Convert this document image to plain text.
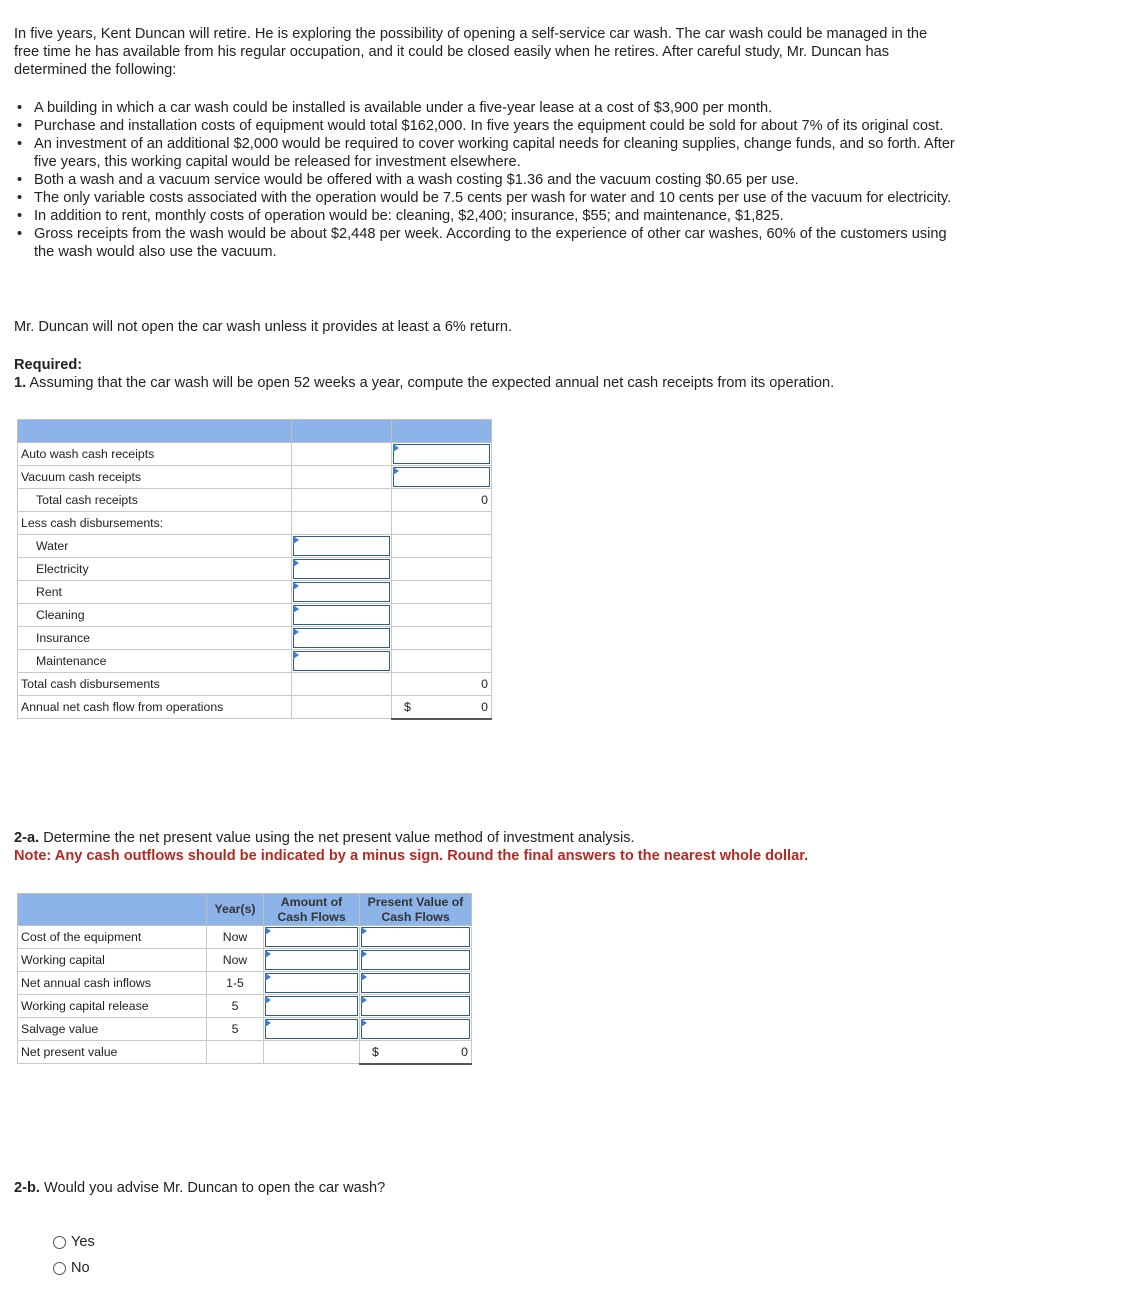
In five years, Kent Duncan will retire. He is exploring the possibility of opening a self-service car wash. The car wash could be managed in the free time he has available from his regular occupation, and it could be closed easily when he retires. After careful study, Mr. Duncan has determined the following:

• A building in which a car wash could be installed is available under a five-year lease at a cost of $3,900 per month.
• Purchase and installation costs of equipment would total $162,000. In five years the equipment could be sold for about 7% of its original cost.
• An investment of an additional $2,000 would be required to cover working capital needs for cleaning supplies, change funds, and so forth. After five years, this working capital would be released for investment elsewhere.
• Both a wash and a vacuum service would be offered with a wash costing $1.36 and the vacuum costing $0.65 per use.
• The only variable costs associated with the operation would be 7.5 cents per wash for water and 10 cents per use of the vacuum for electricity.
• In addition to rent, monthly costs of operation would be: cleaning, $2,400; insurance, $55; and maintenance, $1,825.
• Gross receipts from the wash would be about $2,448 per week. According to the experience of other car washes, 60% of the customers using the wash would also use the vacuum.

Mr. Duncan will not open the car wash unless it provides at least a 6% return.

Required:

1. Assuming that the car wash will be open 52 weeks a year, compute the expected annual net cash receipts from its operation.

Auto wash cash receipts		

Vacuum cash receipts		

Total cash receipts		0
Less cash disbursements:		
Water	

Electricity	

Rent	

Cleaning	

Insurance	

Maintenance	

Total cash disbursements		0
Annual net cash flow from operations		$ 0

2-a. Determine the net present value using the net present value method of investment analysis.

Note: Any cash outflows should be indicated by a minus sign. Round the final answers to the nearest whole dollar.

	Year(s)	Amount of Cash Flows	Present Value of Cash Flows
Cost of the equipment	Now	

Working capital	Now	

Net annual cash inflows	1-5	

Working capital release	5	

Salvage value	5	

Net present value			$ 0

2-b. Would you advise Mr. Duncan to open the car wash?

Yes
No
